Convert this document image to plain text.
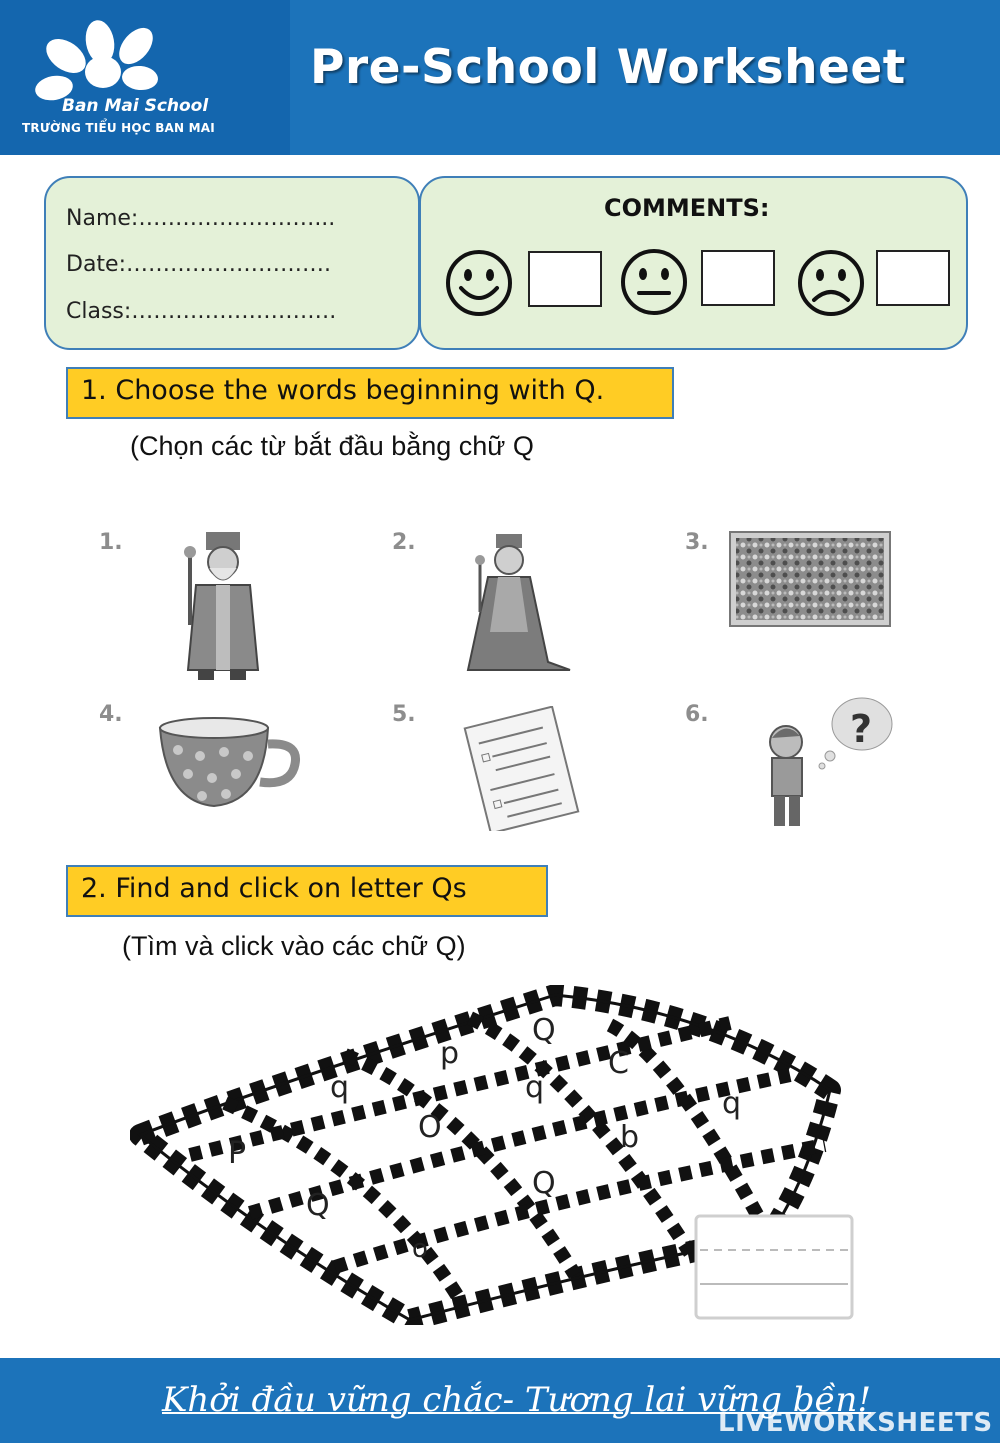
Ban Mai School
TRƯỜNG TIỂU HỌC BAN MAI
Pre-School Worksheet
Name:……………………...
Date:……………………….
Class:……………………….
COMMENTS:
1. Choose the words beginning with Q.
(Chọn các từ bắt đầu bằng chữ Q
1.	2.	3.
4.	5.	6.	?
2. Find and click on letter Qs
(Tìm và click vào các chữ Q)
Q
p	C
q	q	q
P
O	b
Q
Q
o
Khởi đầu vững chắc- Tương lai vững bền!
LIVEWORKSHEETS
